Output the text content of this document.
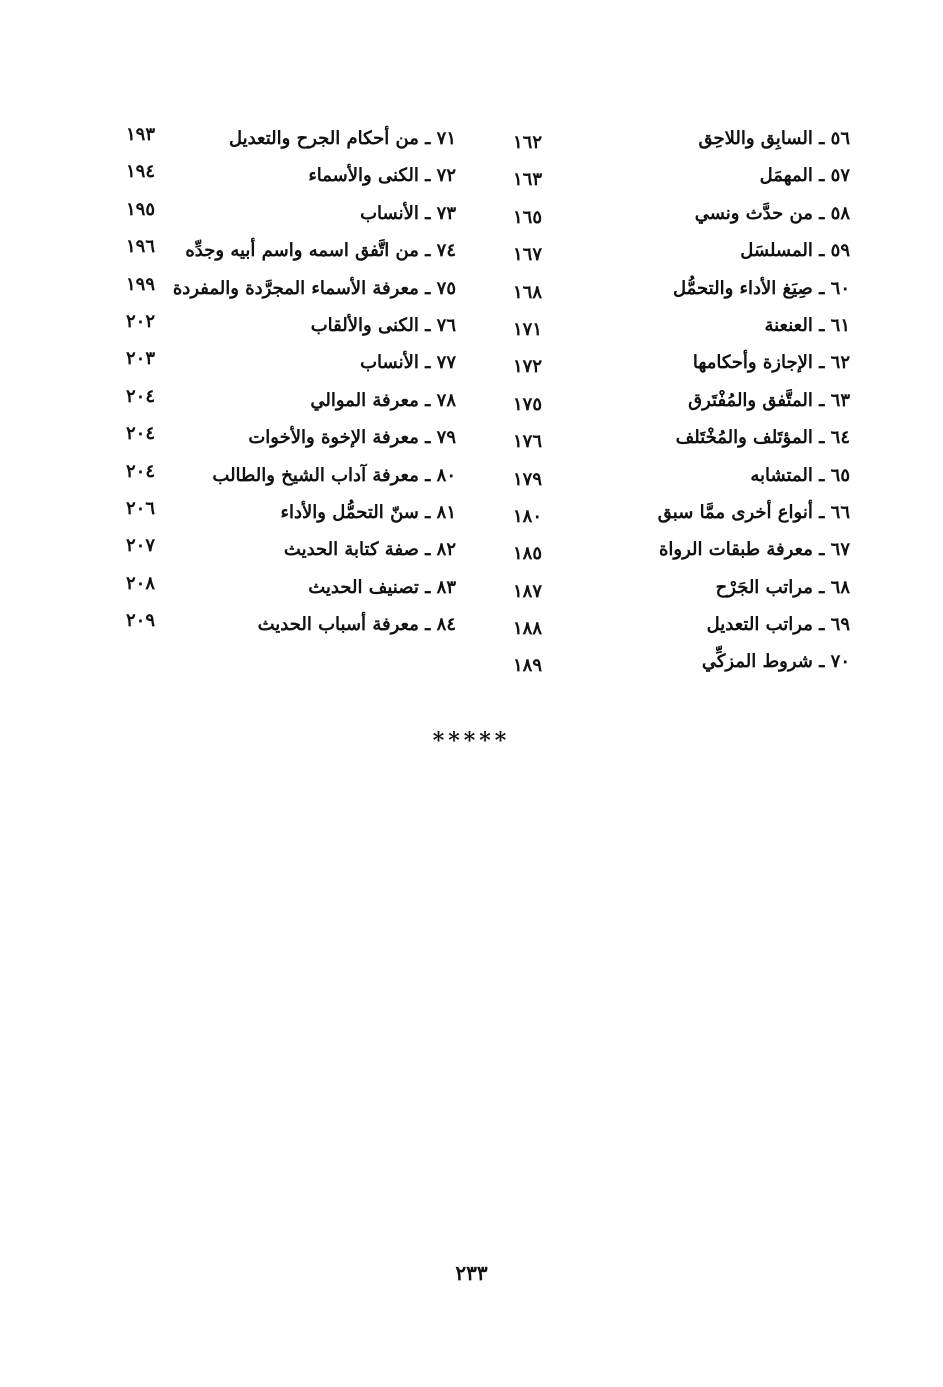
٥٦ ـ السابِق واللاحِق
١٦٢
٥٧ ـ المهمَل
١٦٣
٥٨ ـ من حدَّث ونسي
١٦٥
٥٩ ـ المسلسَل
١٦٧
٦٠ ـ صِيَغ الأداء والتحمُّل
١٦٨
٦١ ـ العنعنة
١٧١
٦٢ ـ الإجازة وأحكامها
١٧٢
٦٣ ـ المتَّفق والمُفْتَرق
١٧٥
٦٤ ـ المؤتَلف والمُخْتَلف
١٧٦
٦٥ ـ المتشابه
١٧٩
٦٦ ـ أنواع أخرى ممَّا سبق
١٨٠
٦٧ ـ معرفة طبقات الرواة
١٨٥
٦٨ ـ مراتب الجَرْح
١٨٧
٦٩ ـ مراتب التعديل
١٨٨
٧٠ ـ شروط المزكِّي
١٨٩
٧١ ـ من أحكام الجرح والتعديل
١٩٣
٧٢ ـ الكنى والأسماء
١٩٤
٧٣ ـ الأنساب
١٩٥
٧٤ ـ من اتَّفق اسمه واسم أبيه وجدِّه
١٩٦
٧٥ ـ معرفة الأسماء المجرَّدة والمفردة
١٩٩
٧٦ ـ الكنى والألقاب
٢٠٢
٧٧ ـ الأنساب
٢٠٣
٧٨ ـ معرفة الموالي
٢٠٤
٧٩ ـ معرفة الإخوة والأخوات
٢٠٤
٨٠ ـ معرفة آداب الشيخ والطالب
٢٠٤
٨١ ـ سنّ التحمُّل والأداء
٢٠٦
٨٢ ـ صفة كتابة الحديث
٢٠٧
٨٣ ـ تصنيف الحديث
٢٠٨
٨٤ ـ معرفة أسباب الحديث
٢٠٩
*****
٢٣٣
